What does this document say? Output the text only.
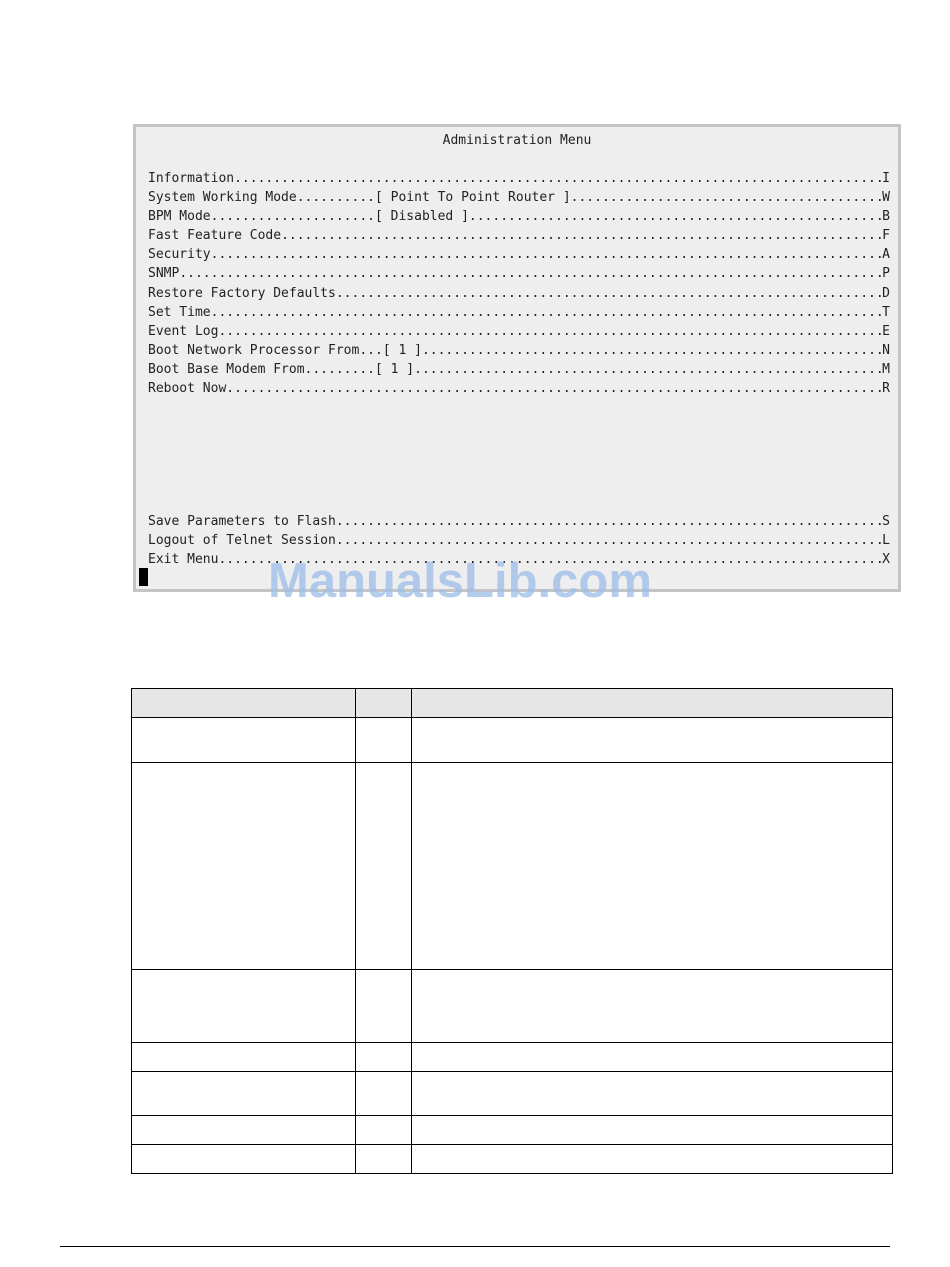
Administration Menu
Information .....	I
System Working Mode.......... [ Point To Point Router ] .....	W
BPM Mode..................... [ Disabled ] .....	B
Fast Feature Code .....	F
Security .....	A
SNMP .....	P
Restore Factory Defaults .....	D
Set Time .....	T
Event Log .....	E
Boot Network Processor From... [ 1 ] .....	N
Boot Base Modem From......... [ 1 ] .....	M
Reboot Now .....	R
Save Parameters to Flash .....	S
Logout of Telnet Session .....	L
Exit Menu .....	X
ManualsLib.com
